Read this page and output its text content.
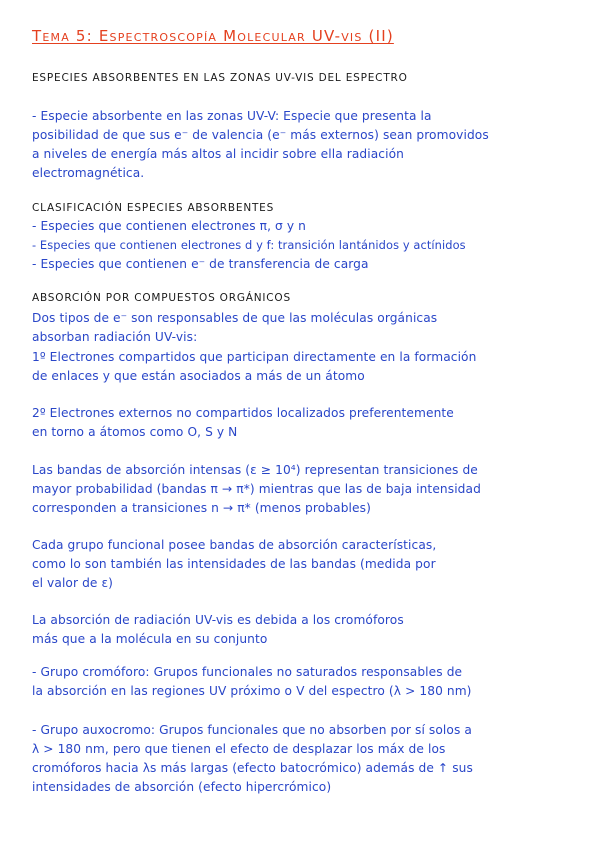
Tema 5: Espectroscopía Molecular UV-vis (II)
ESPECIES ABSORBENTES EN LAS ZONAS UV-VIS DEL ESPECTRO
- Especie absorbente en las zonas UV-V: Especie que presenta la
posibilidad de que sus e⁻ de valencia (e⁻ más externos) sean promovidos
a niveles de energía más altos al incidir sobre ella radiación
electromagnética.
CLASIFICACIÓN ESPECIES ABSORBENTES
- Especies que contienen electrones π, σ y n
- Especies que contienen electrones d y f: transición lantánidos y actínidos
- Especies que contienen e⁻ de transferencia de carga
ABSORCIÓN POR COMPUESTOS ORGÁNICOS
Dos tipos de e⁻ son responsables de que las moléculas orgánicas
absorban radiación UV-vis:
1º Electrones compartidos que participan directamente en la formación
de enlaces y que están asociados a más de un átomo
2º Electrones externos no compartidos localizados preferentemente
en torno a átomos como O, S y N
Las bandas de absorción intensas (ε ≥ 10⁴) representan transiciones de
mayor probabilidad (bandas π → π*) mientras que las de baja intensidad
corresponden a transiciones n → π* (menos probables)
Cada grupo funcional posee bandas de absorción características,
como lo son también las intensidades de las bandas (medida por
el valor de ε)
La absorción de radiación UV-vis es debida a los cromóforos
más que a la molécula en su conjunto
- Grupo cromóforo: Grupos funcionales no saturados responsables de
la absorción en las regiones UV próximo o V del espectro (λ > 180 nm)
- Grupo auxocromo: Grupos funcionales que no absorben por sí solos a
λ > 180 nm, pero que tienen el efecto de desplazar los máx de los
cromóforos hacia λs más largas (efecto batocrómico) además de ↑ sus
intensidades de absorción (efecto hipercrómico)
